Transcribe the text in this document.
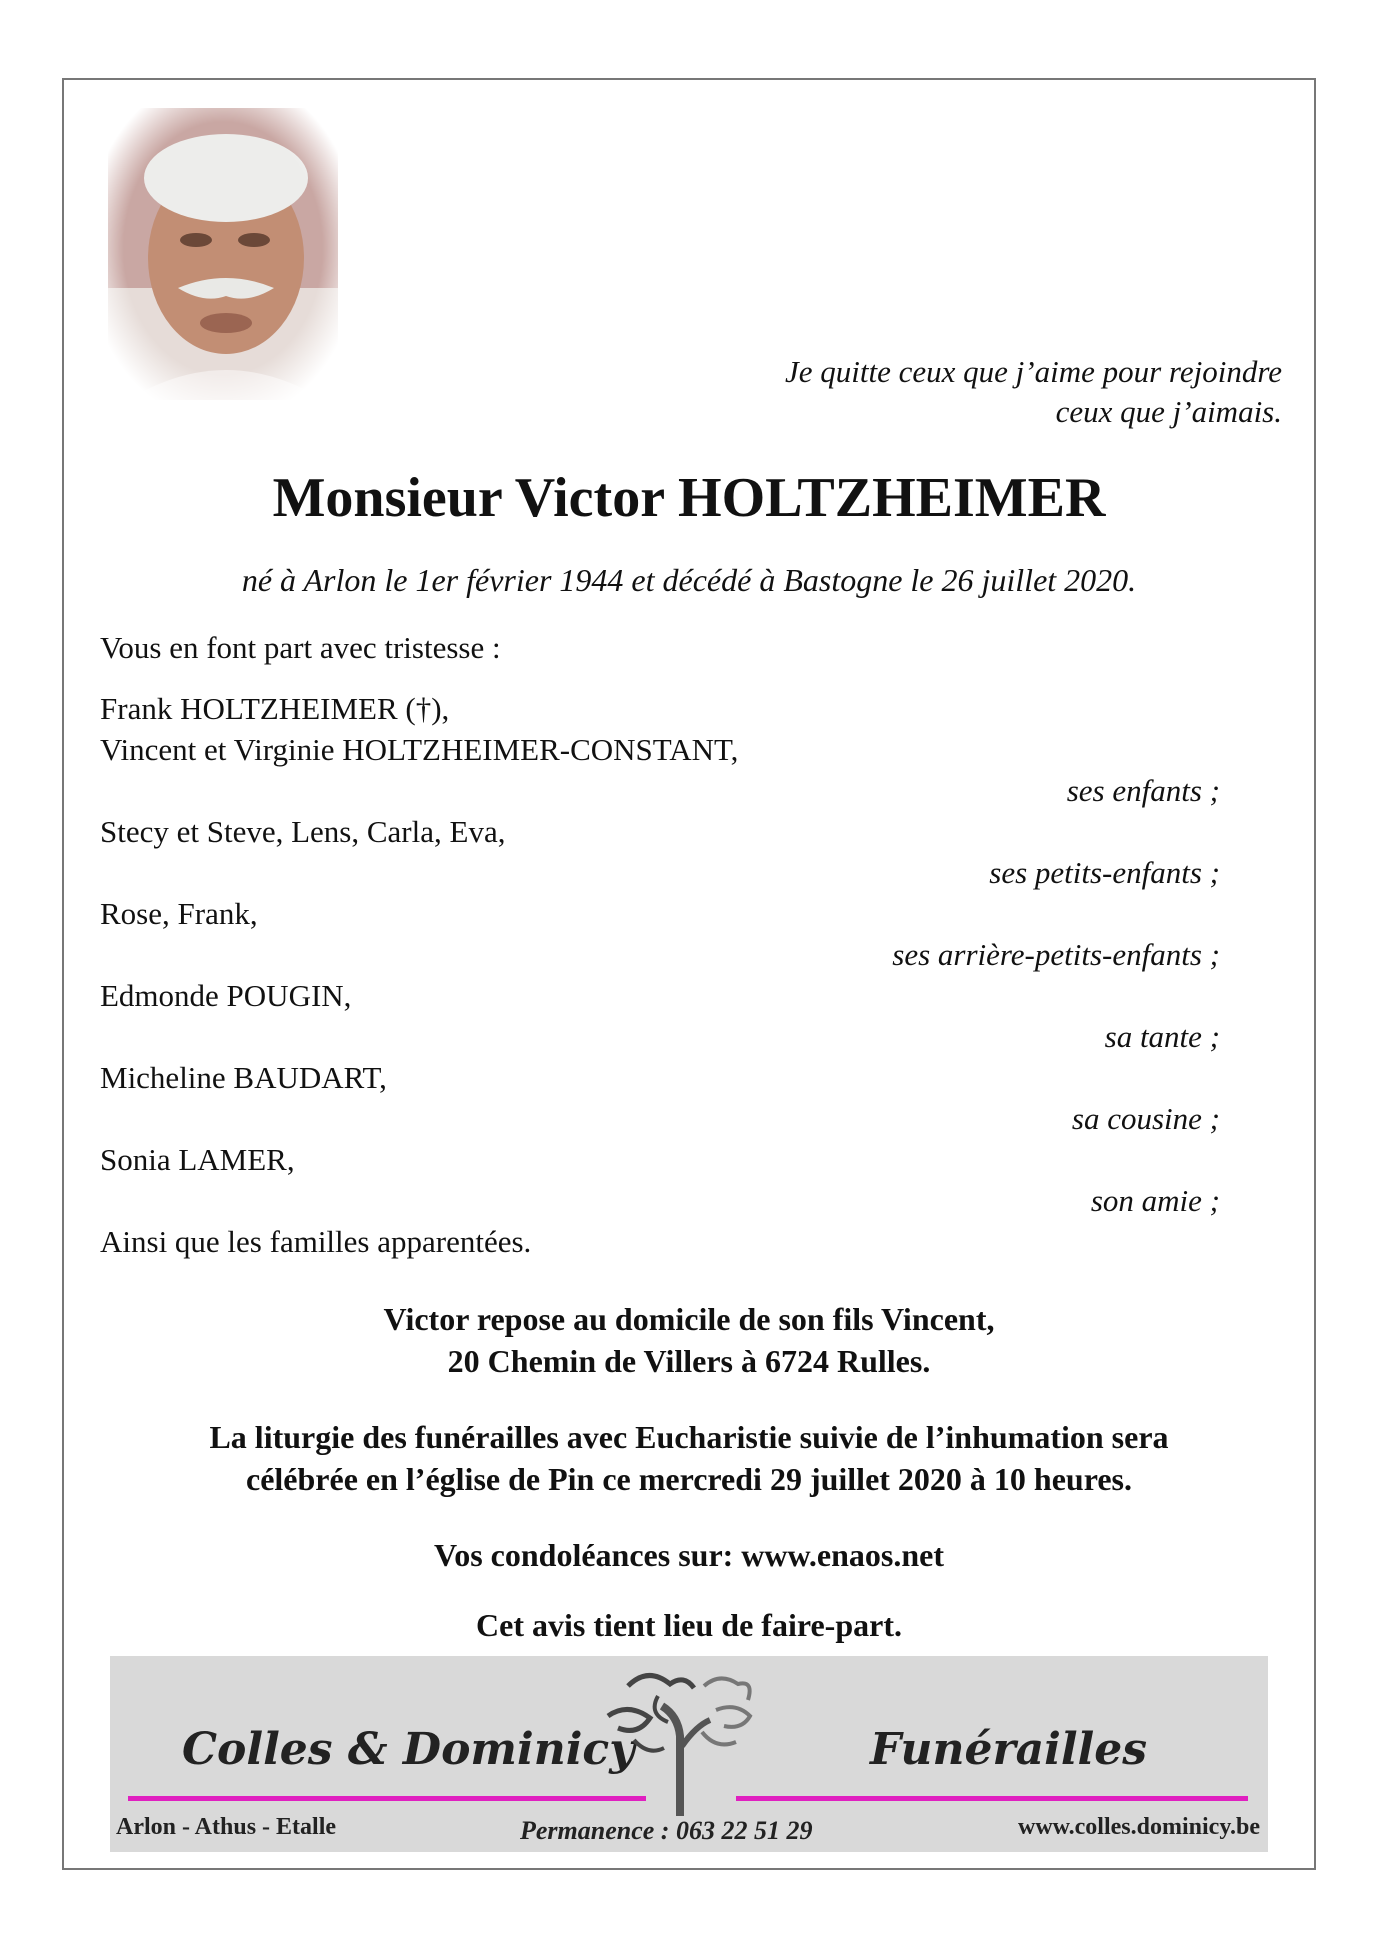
Je quitte ceux que j’aime pour rejoindre
ceux que j’aimais.
Monsieur Victor HOLTZHEIMER
né à Arlon le 1er février 1944 et décédé à Bastogne le 26 juillet 2020.
Vous en font part avec tristesse :
Frank HOLTZHEIMER (†),
Vincent et Virginie HOLTZHEIMER-CONSTANT,
ses enfants ;
Stecy et Steve, Lens, Carla, Eva,
ses petits-enfants ;
Rose, Frank,
ses arrière-petits-enfants ;
Edmonde POUGIN,
sa tante ;
Micheline BAUDART,
sa cousine ;
Sonia LAMER,
son amie ;
Ainsi que les familles apparentées.
Victor repose au domicile de son fils Vincent,
20 Chemin de Villers à 6724 Rulles.
La liturgie des funérailles avec Eucharistie suivie de l’inhumation sera
célébrée en l’église de Pin ce mercredi 29 juillet 2020 à 10 heures.
Vos condoléances sur: www.enaos.net
Cet avis tient lieu de faire-part.
Colles & Dominicy	Funérailles
Arlon - Athus - Etalle	Permanence : 063 22 51 29	www.colles.dominicy.be
